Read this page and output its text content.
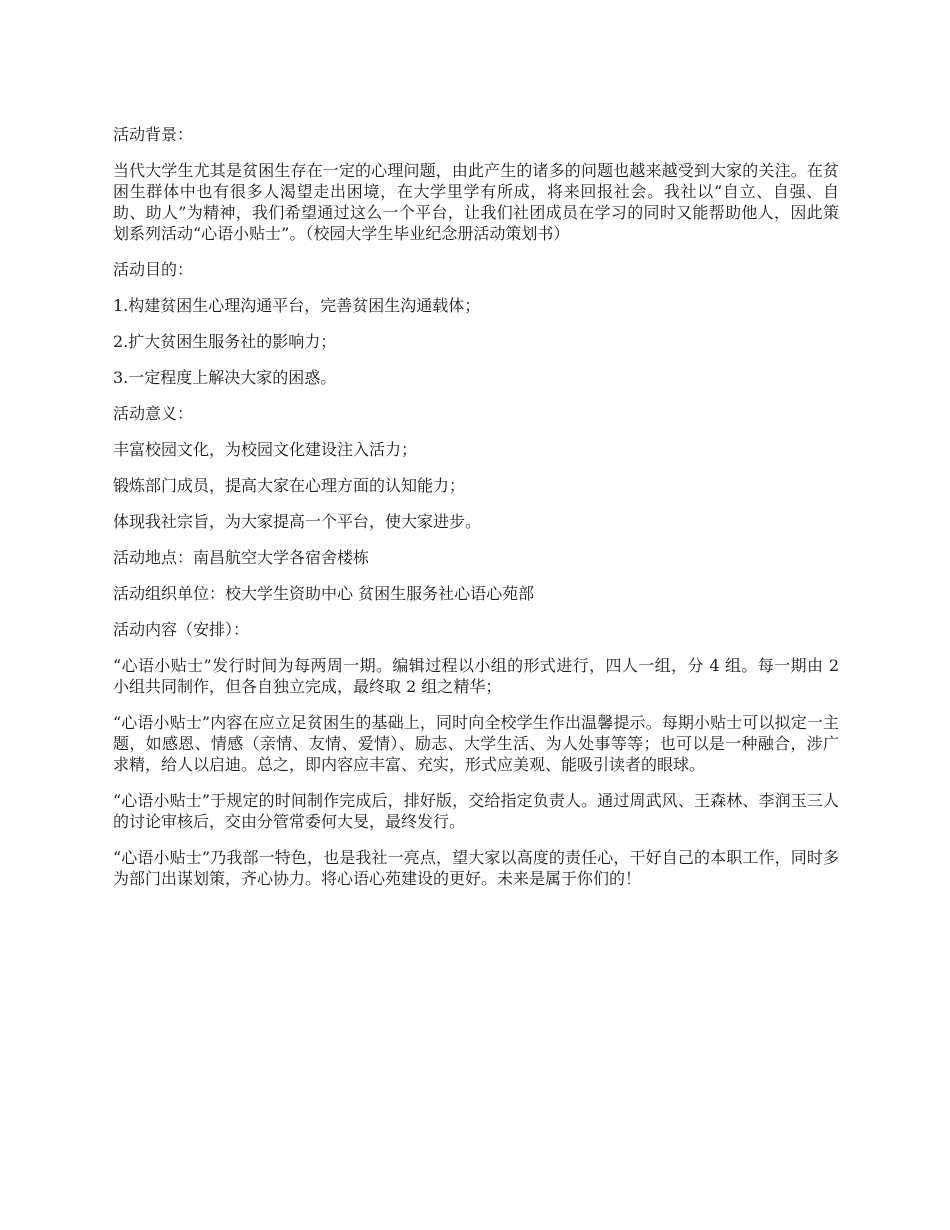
活动背景：

当代大学生尤其是贫困生存在一定的心理问题，由此产生的诸多的问题也越来越受到大家的关注。在贫困生群体中也有很多人渴望走出困境，在大学里学有所成，将来回报社会。我社以“自立、自强、自助、助人”为精神，我们希望通过这么一个平台，让我们社团成员在学习的同时又能帮助他人，因此策划系列活动“心语小贴士”。（校园大学生毕业纪念册活动策划书）

活动目的：

1.构建贫困生心理沟通平台，完善贫困生沟通载体；

2.扩大贫困生服务社的影响力；

3.一定程度上解决大家的困惑。

活动意义：

丰富校园文化，为校园文化建设注入活力；

锻炼部门成员，提高大家在心理方面的认知能力；

体现我社宗旨，为大家提高一个平台，使大家进步。

活动地点：南昌航空大学各宿舍楼栋

活动组织单位：校大学生资助中心 贫困生服务社心语心苑部

活动内容（安排）：

“心语小贴士”发行时间为每两周一期。编辑过程以小组的形式进行，四人一组，分 4 组。每一期由 2 小组共同制作，但各自独立完成，最终取 2 组之精华；

“心语小贴士”内容在应立足贫困生的基础上，同时向全校学生作出温馨提示。每期小贴士可以拟定一主题，如感恩、情感（亲情、友情、爱情）、励志、大学生活、为人处事等等；也可以是一种融合，涉广求精，给人以启迪。总之，即内容应丰富、充实，形式应美观、能吸引读者的眼球。

“心语小贴士”于规定的时间制作完成后，排好版，交给指定负责人。通过周武风、王森林、李润玉三人的讨论审核后，交由分管常委何大旻，最终发行。

“心语小贴士”乃我部一特色，也是我社一亮点，望大家以高度的责任心，干好自己的本职工作，同时多为部门出谋划策，齐心协力。将心语心苑建设的更好。未来是属于你们的！
